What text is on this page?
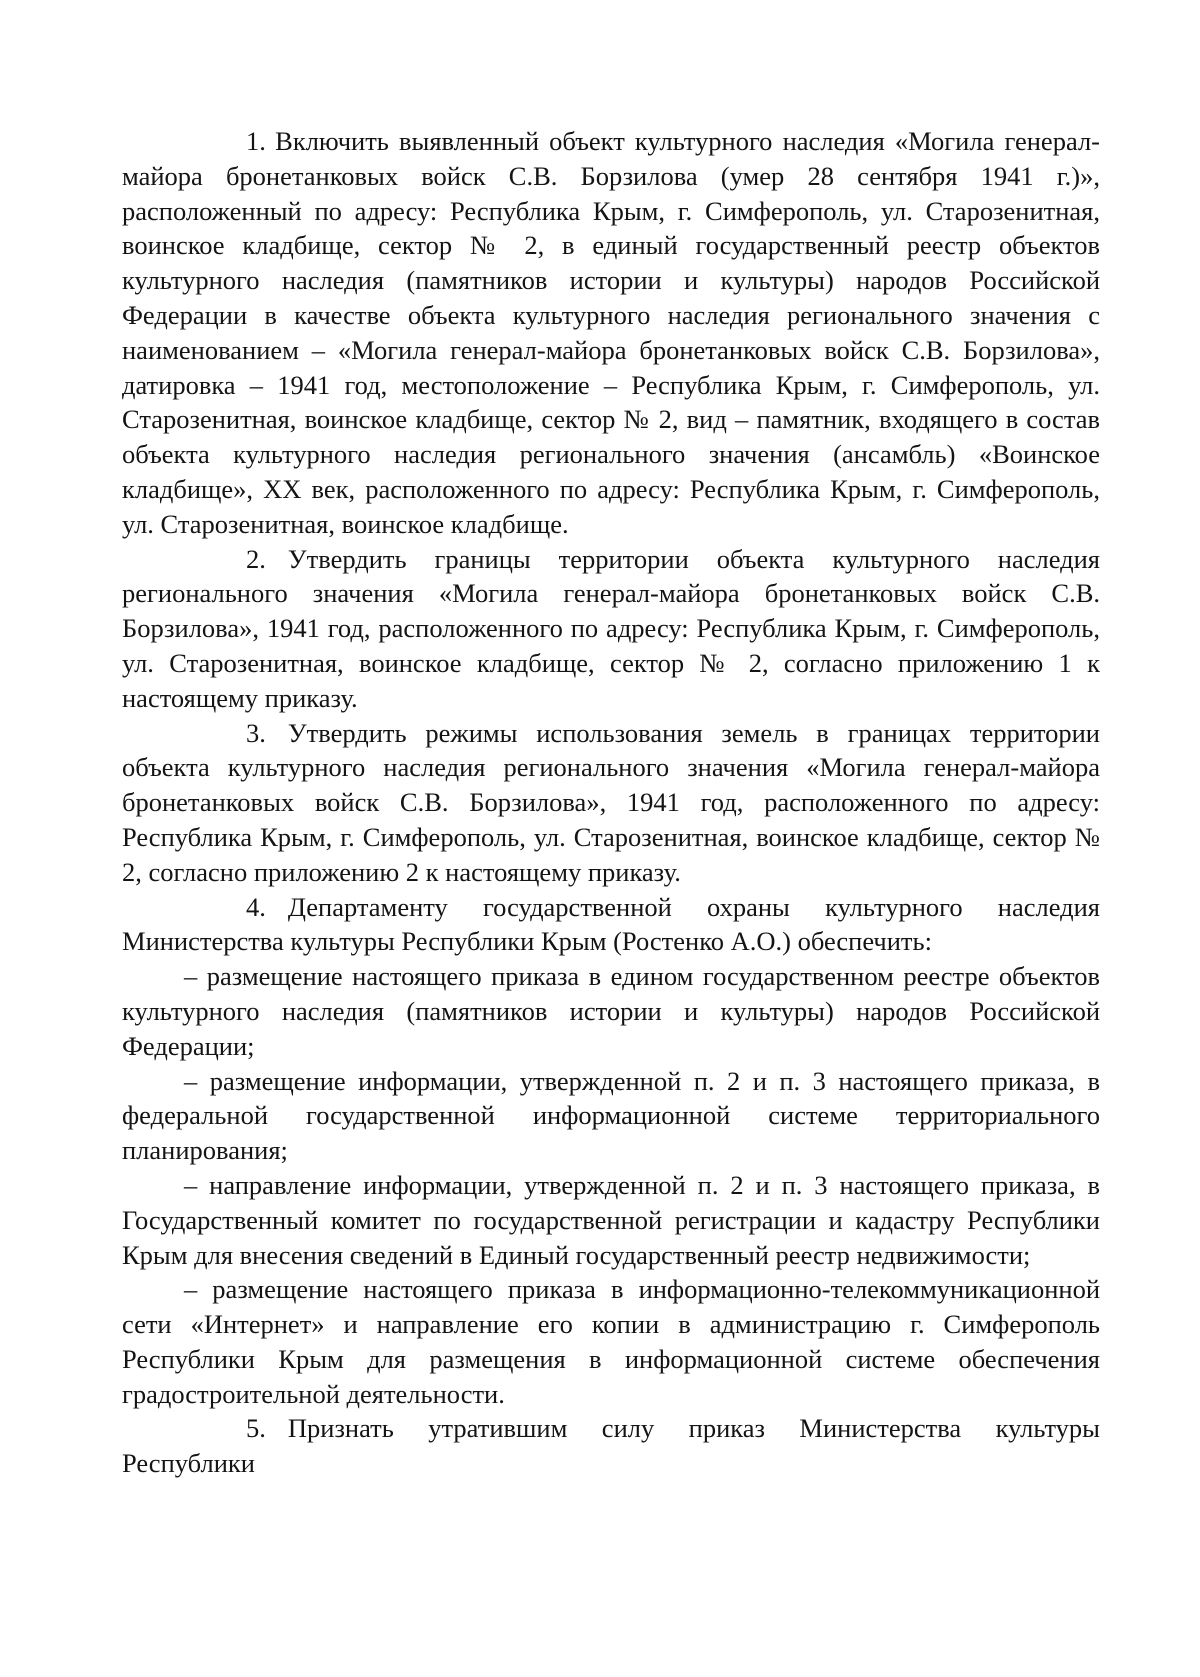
1. Включить выявленный объект культурного наследия «Могила генерал-майора бронетанковых войск С.В. Борзилова (умер 28 сентября 1941 г.)», расположенный по адресу: Республика Крым, г. Симферополь, ул. Старозенитная, воинское кладбище, сектор № 2, в единый государственный реестр объектов культурного наследия (памятников истории и культуры) народов Российской Федерации в качестве объекта культурного наследия регионального значения с наименованием – «Могила генерал-майора бронетанковых войск С.В. Борзилова», датировка – 1941 год, местоположение – Республика Крым, г. Симферополь, ул. Старозенитная, воинское кладбище, сектор № 2, вид – памятник, входящего в состав объекта культурного наследия регионального значения (ансамбль) «Воинское кладбище», XX век, расположенного по адресу: Республика Крым, г. Симферополь, ул. Старозенитная, воинское кладбище.

2. Утвердить границы территории объекта культурного наследия регионального значения «Могила генерал-майора бронетанковых войск С.В. Борзилова», 1941 год, расположенного по адресу: Республика Крым, г. Симферополь, ул. Старозенитная, воинское кладбище, сектор № 2, согласно приложению 1 к настоящему приказу.

3. Утвердить режимы использования земель в границах территории объекта культурного наследия регионального значения «Могила генерал-майора бронетанковых войск С.В. Борзилова», 1941 год, расположенного по адресу: Республика Крым, г. Симферополь, ул. Старозенитная, воинское кладбище, сектор № 2, согласно приложению 2 к настоящему приказу.

4. Департаменту государственной охраны культурного наследия Министерства культуры Республики Крым (Ростенко А.О.) обеспечить:

– размещение настоящего приказа в едином государственном реестре объектов культурного наследия (памятников истории и культуры) народов Российской Федерации;

– размещение информации, утвержденной п. 2 и п. 3 настоящего приказа, в федеральной государственной информационной системе территориального планирования;

– направление информации, утвержденной п. 2 и п. 3 настоящего приказа, в Государственный комитет по государственной регистрации и кадастру Республики Крым для внесения сведений в Единый государственный реестр недвижимости;

– размещение настоящего приказа в информационно-телекоммуникационной сети «Интернет» и направление его копии в администрацию г. Симферополь Республики Крым для размещения в информационной системе обеспечения градостроительной деятельности.

5. Признать утратившим силу приказ Министерства культуры Республики
